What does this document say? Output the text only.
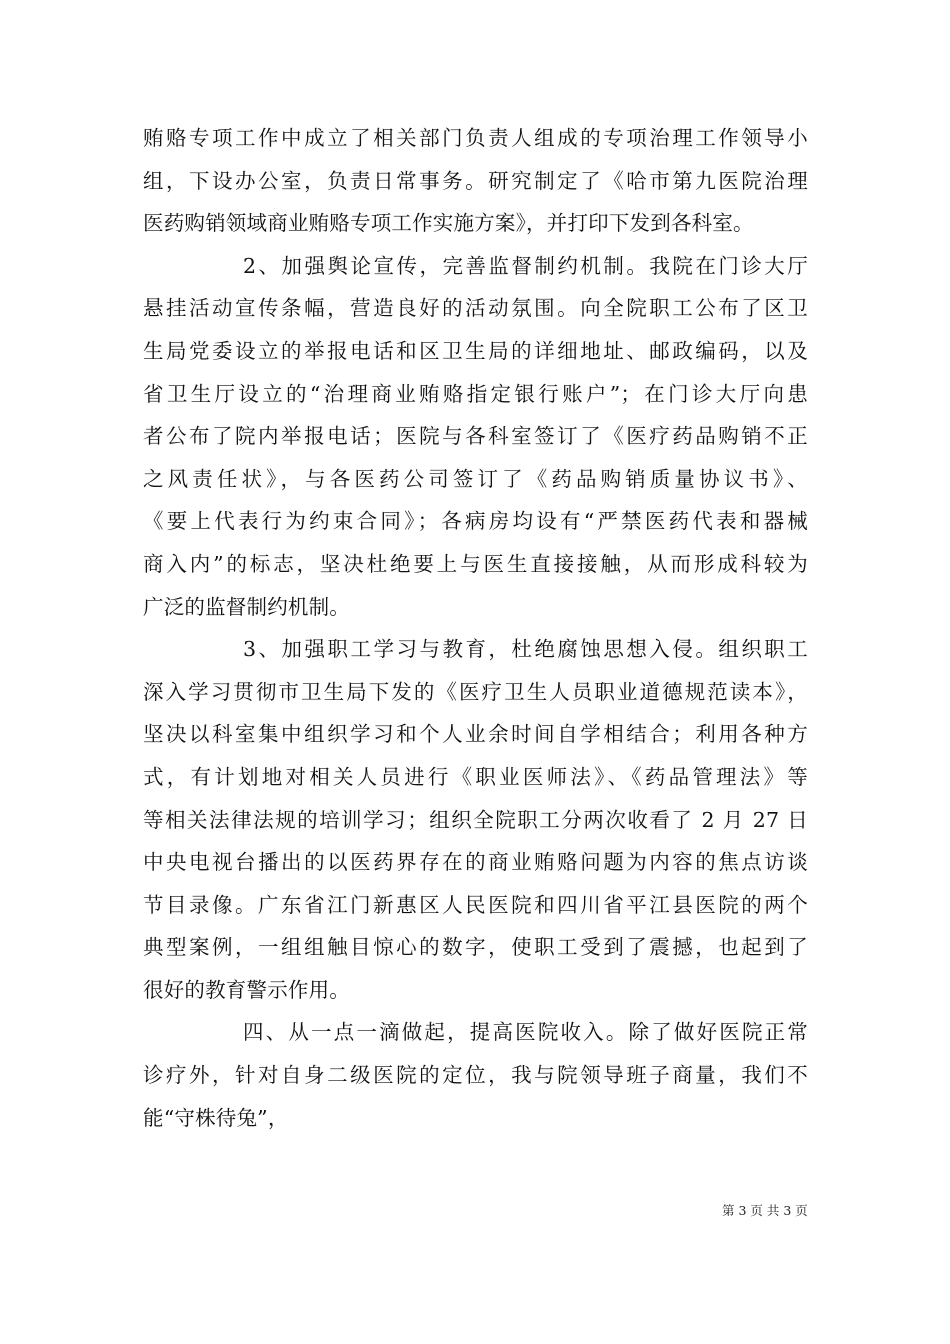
贿赂专项工作中成立了相关部门负责人组成的专项治理工作领导小
组，下设办公室，负责日常事务。研究制定了《哈市第九医院治理
医药购销领域商业贿赂专项工作实施方案》，并打印下发到各科室。
2、加强舆论宣传，完善监督制约机制。我院在门诊大厅
悬挂活动宣传条幅，营造良好的活动氛围。向全院职工公布了区卫
生局党委设立的举报电话和区卫生局的详细地址、邮政编码，以及
省卫生厅设立的“治理商业贿赂指定银行账户”；在门诊大厅向患
者公布了院内举报电话；医院与各科室签订了《医疗药品购销不正
之风责任状》，与各医药公司签订了《药品购销质量协议书》、
《要上代表行为约束合同》；各病房均设有“严禁医药代表和器械
商入内”的标志，坚决杜绝要上与医生直接接触，从而形成科较为
广泛的监督制约机制。
3、加强职工学习与教育，杜绝腐蚀思想入侵。组织职工
深入学习贯彻市卫生局下发的《医疗卫生人员职业道德规范读本》，
坚决以科室集中组织学习和个人业余时间自学相结合；利用各种方
式，有计划地对相关人员进行《职业医师法》、《药品管理法》等
等相关法律法规的培训学习；组织全院职工分两次收看了 2 月 27 日
中央电视台播出的以医药界存在的商业贿赂问题为内容的焦点访谈
节目录像。广东省江门新惠区人民医院和四川省平江县医院的两个
典型案例，一组组触目惊心的数字，使职工受到了震撼，也起到了
很好的教育警示作用。
四、从一点一滴做起，提高医院收入。除了做好医院正常
诊疗外，针对自身二级医院的定位，我与院领导班子商量，我们不
能“守株待兔”，
第 3 页 共 3 页
